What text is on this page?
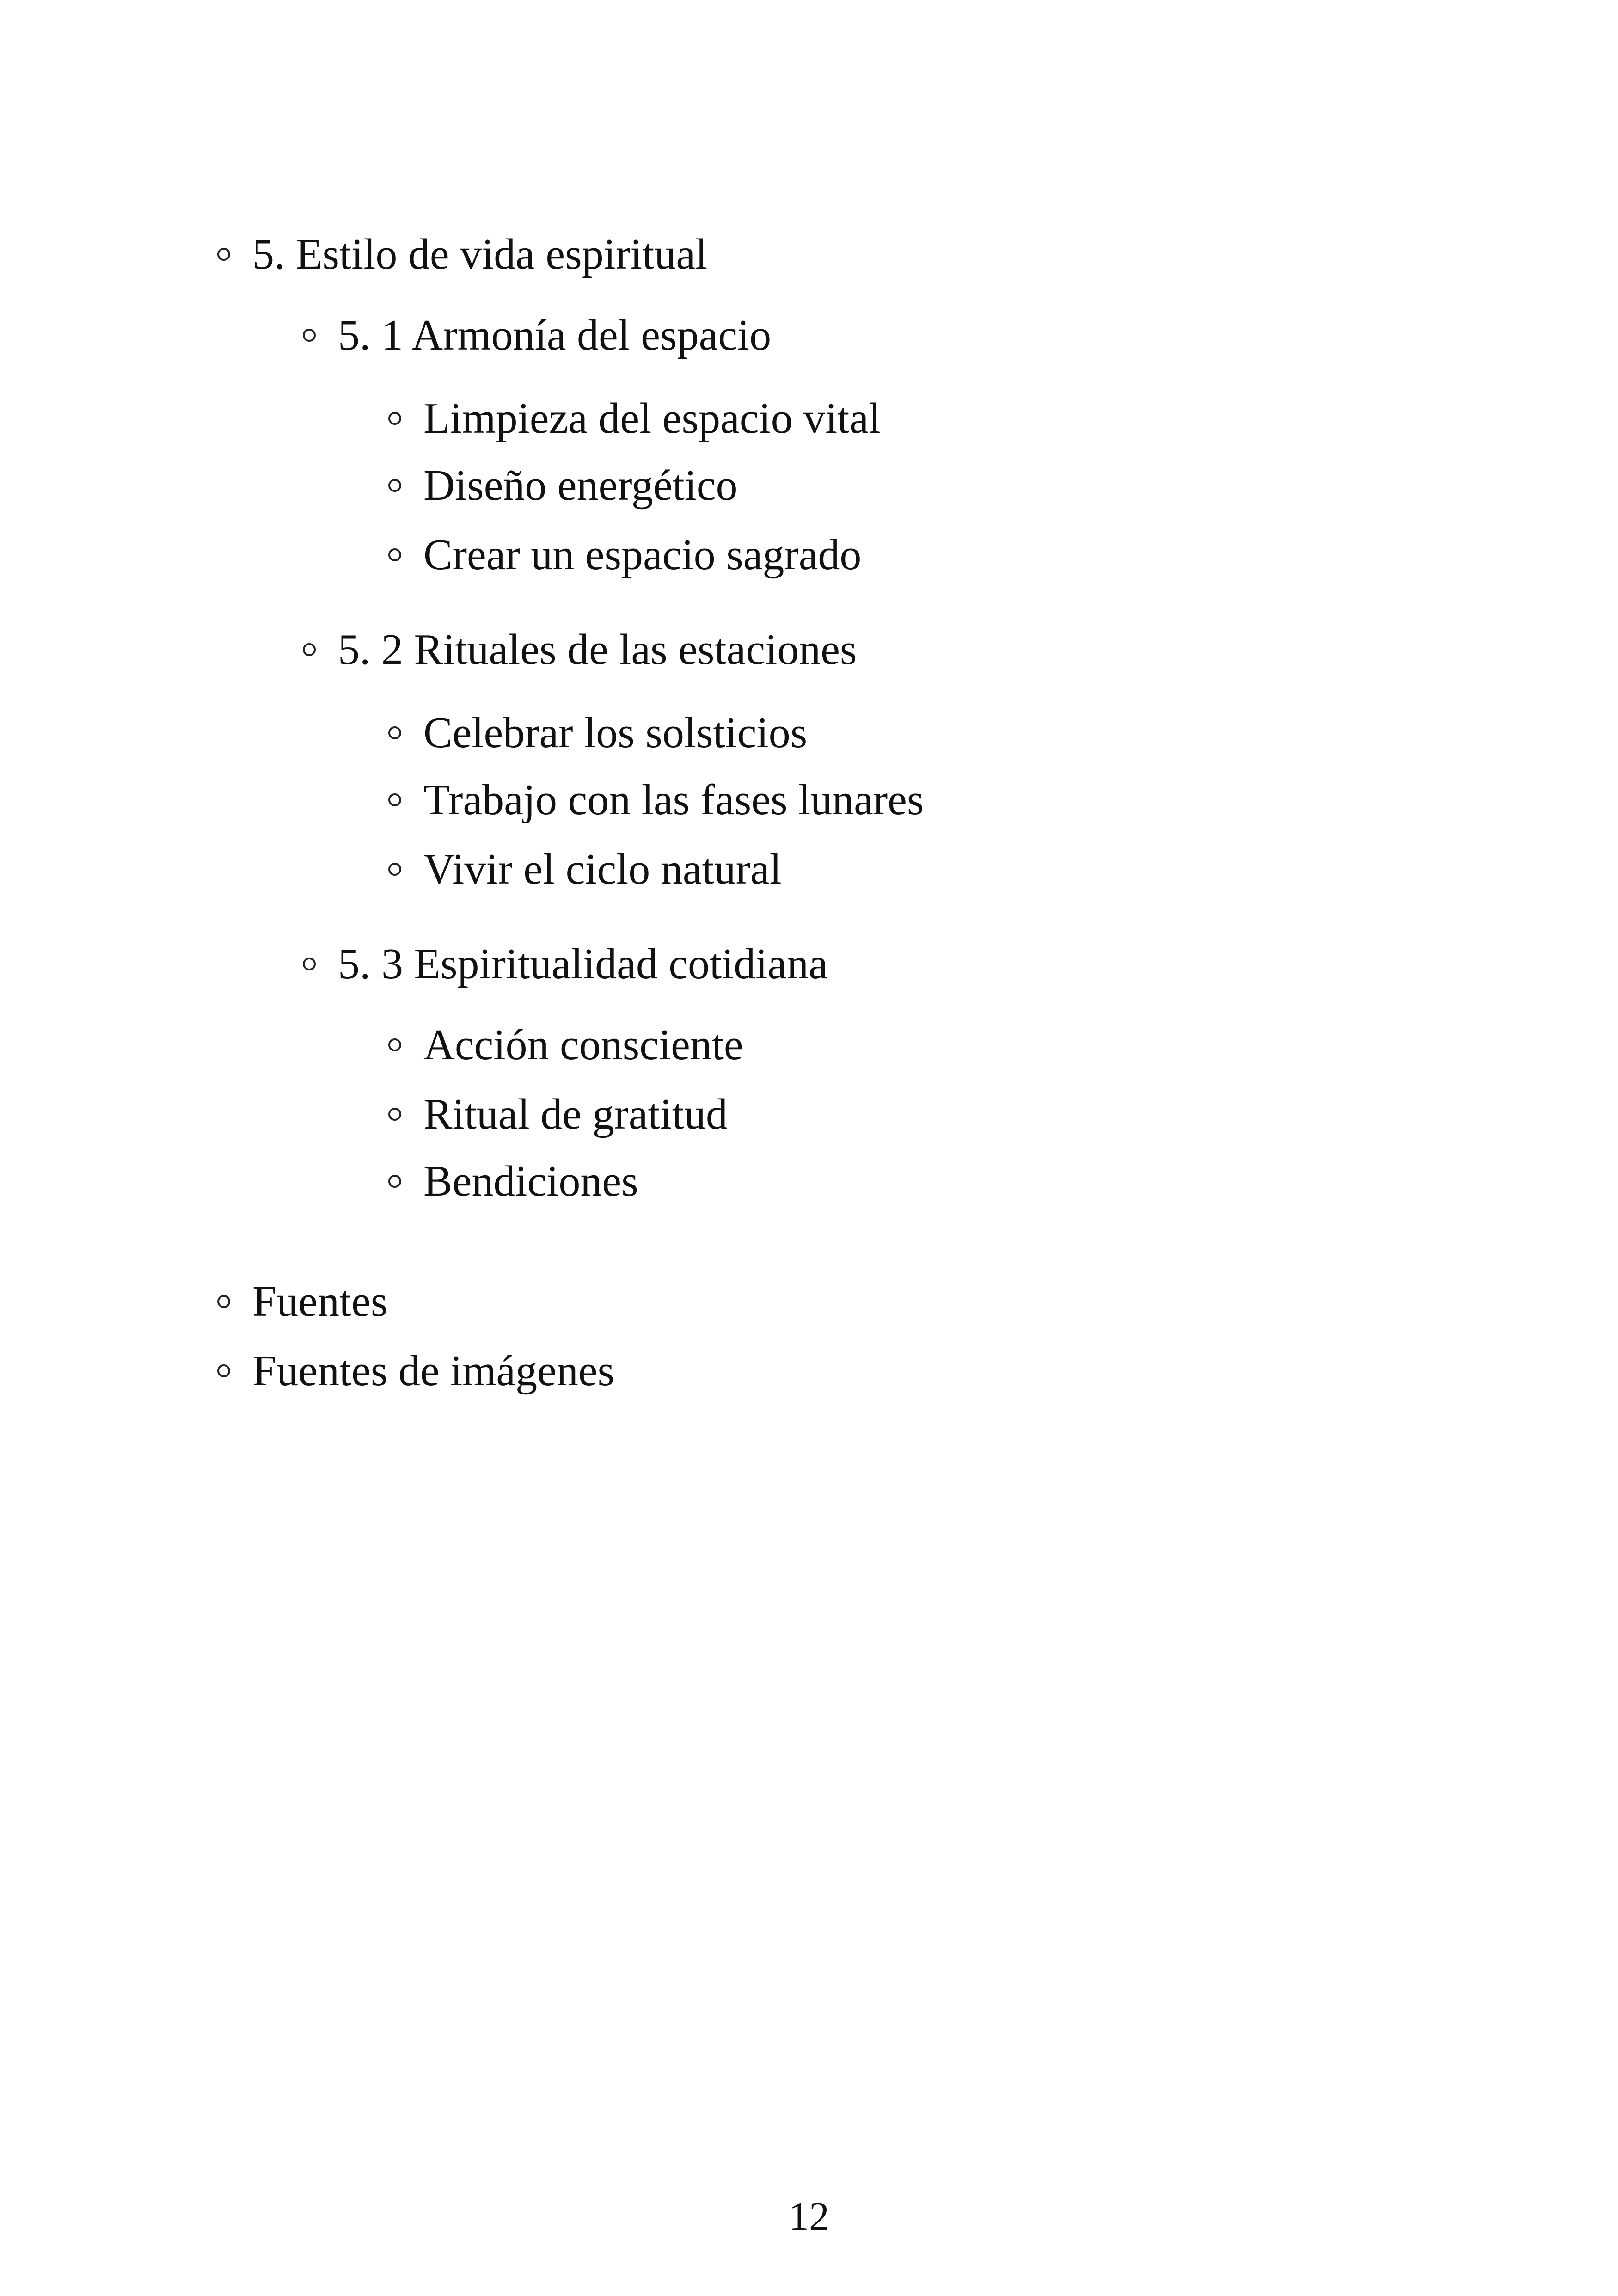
5. Estilo de vida espiritual
5. 1 Armonía del espacio
Limpieza del espacio vital
Diseño energético
Crear un espacio sagrado
5. 2 Rituales de las estaciones
Celebrar los solsticios
Trabajo con las fases lunares
Vivir el ciclo natural
5. 3 Espiritualidad cotidiana
Acción consciente
Ritual de gratitud
Bendiciones
Fuentes
Fuentes de imágenes
12
